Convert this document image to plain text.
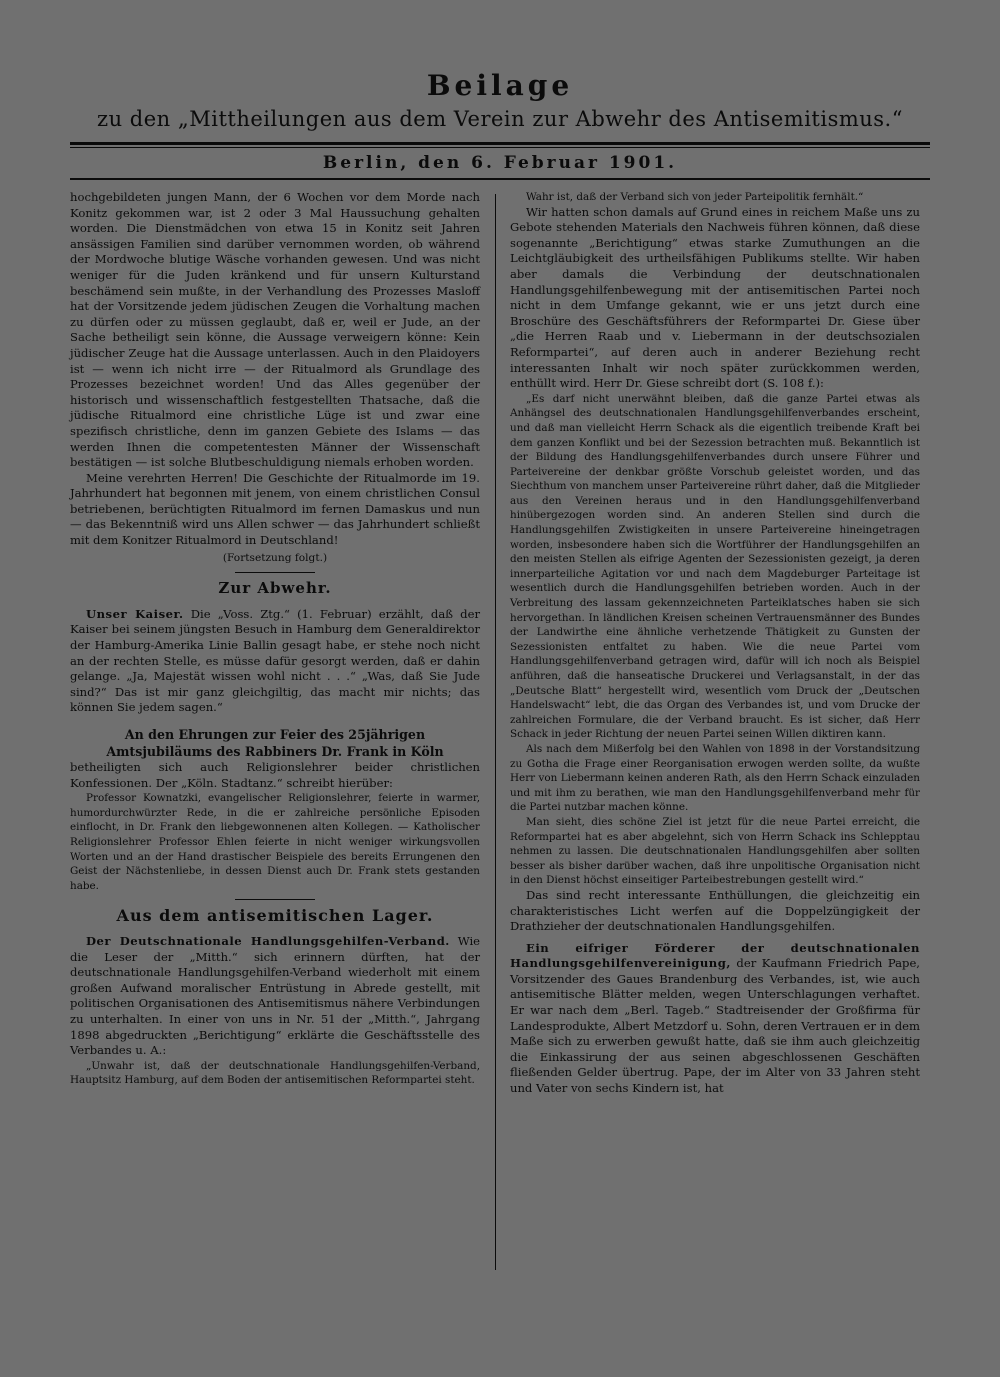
Beilage

zu den „Mittheilungen aus dem Verein zur Abwehr des Antisemitismus.“

Berlin, den 6. Februar 1901.

hochgebildeten jungen Mann, der 6 Wochen vor dem Morde nach Konitz gekommen war, ist 2 oder 3 Mal Haussuchung gehalten worden. Die Dienstmädchen von etwa 15 in Konitz seit Jahren ansässigen Familien sind darüber vernommen worden, ob während der Mordwoche blutige Wäsche vorhanden gewesen. Und was nicht weniger für die Juden kränkend und für unsern Kulturstand beschämend sein mußte, in der Verhandlung des Prozesses Masloff hat der Vorsitzende jedem jüdischen Zeugen die Vorhaltung machen zu dürfen oder zu müssen geglaubt, daß er, weil er Jude, an der Sache betheiligt sein könne, die Aussage verweigern könne: Kein jüdischer Zeuge hat die Aussage unterlassen. Auch in den Plaidoyers ist — wenn ich nicht irre — der Ritualmord als Grundlage des Prozesses bezeichnet worden! Und das Alles gegenüber der historisch und wissenschaftlich festgestellten Thatsache, daß die jüdische Ritualmord eine christliche Lüge ist und zwar eine spezifisch christliche, denn im ganzen Gebiete des Islams — das werden Ihnen die competentesten Männer der Wissenschaft bestätigen — ist solche Blutbeschuldigung niemals erhoben worden.

Meine verehrten Herren! Die Geschichte der Ritualmorde im 19. Jahrhundert hat begonnen mit jenem, von einem christlichen Consul betriebenen, berüchtigten Ritualmord im fernen Damaskus und nun — das Bekenntniß wird uns Allen schwer — das Jahrhundert schließt mit dem Konitzer Ritualmord in Deutschland!

(Fortsetzung folgt.)

Zur Abwehr.

Unser Kaiser. Die „Voss. Ztg.“ (1. Februar) erzählt, daß der Kaiser bei seinem jüngsten Besuch in Hamburg dem Generaldirektor der Hamburg-Amerika Linie Ballin gesagt habe, er stehe noch nicht an der rechten Stelle, es müsse dafür gesorgt werden, daß er dahin gelange. „Ja, Majestät wissen wohl nicht . . .“ „Was, daß Sie Jude sind?“ Das ist mir ganz gleichgiltig, das macht mir nichts; das können Sie jedem sagen.“

An den Ehrungen zur Feier des 25jährigen Amtsjubiläums des Rabbiners Dr. Frank in Köln

betheiligten sich auch Religionslehrer beider christlichen Konfessionen. Der „Köln. Stadtanz.“ schreibt hierüber:

Professor Kownatzki, evangelischer Religionslehrer, feierte in warmer, humordurchwürzter Rede, in die er zahlreiche persönliche Episoden einflocht, in Dr. Frank den liebgewonnenen alten Kollegen. — Katholischer Religionslehrer Professor Ehlen feierte in nicht weniger wirkungsvollen Worten und an der Hand drastischer Beispiele des bereits Errungenen den Geist der Nächstenliebe, in dessen Dienst auch Dr. Frank stets gestanden habe.

Aus dem antisemitischen Lager.

Der Deutschnationale Handlungsgehilfen-Verband. Wie die Leser der „Mitth.“ sich erinnern dürften, hat der deutschnationale Handlungsgehilfen-Verband wiederholt mit einem großen Aufwand moralischer Entrüstung in Abrede gestellt, mit politischen Organisationen des Antisemitismus nähere Verbindungen zu unterhalten. In einer von uns in Nr. 51 der „Mitth.“, Jahrgang 1898 abgedruckten „Berichtigung“ erklärte die Geschäftsstelle des Verbandes u. A.:

„Unwahr ist, daß der deutschnationale Handlungsgehilfen-Verband, Hauptsitz Hamburg, auf dem Boden der antisemitischen Reformpartei steht.

Wahr ist, daß der Verband sich von jeder Parteipolitik fernhält.“

Wir hatten schon damals auf Grund eines in reichem Maße uns zu Gebote stehenden Materials den Nachweis führen können, daß diese sogenannte „Berichtigung“ etwas starke Zumuthungen an die Leichtgläubigkeit des urtheilsfähigen Publikums stellte. Wir haben aber damals die Verbindung der deutschnationalen Handlungsgehilfenbewegung mit der antisemitischen Partei noch nicht in dem Umfange gekannt, wie er uns jetzt durch eine Broschüre des Geschäftsführers der Reformpartei Dr. Giese über „die Herren Raab und v. Liebermann in der deutschsozialen Reformpartei“, auf deren auch in anderer Beziehung recht interessanten Inhalt wir noch später zurückkommen werden, enthüllt wird. Herr Dr. Giese schreibt dort (S. 108 f.):

„Es darf nicht unerwähnt bleiben, daß die ganze Partei etwas als Anhängsel des deutschnationalen Handlungsgehilfenverbandes erscheint, und daß man vielleicht Herrn Schack als die eigentlich treibende Kraft bei dem ganzen Konflikt und bei der Sezession betrachten muß. Bekanntlich ist der Bildung des Handlungsgehilfenverbandes durch unsere Führer und Parteivereine der denkbar größte Vorschub geleistet worden, und das Siechthum von manchem unser Parteivereine rührt daher, daß die Mitglieder aus den Vereinen heraus und in den Handlungsgehilfenverband hinübergezogen worden sind. An anderen Stellen sind durch die Handlungsgehilfen Zwistigkeiten in unsere Parteivereine hineingetragen worden, insbesondere haben sich die Wortführer der Handlungsgehilfen an den meisten Stellen als eifrige Agenten der Sezessionisten gezeigt, ja deren innerparteiliche Agitation vor und nach dem Magdeburger Parteitage ist wesentlich durch die Handlungsgehilfen betrieben worden. Auch in der Verbreitung des lassam gekennzeichneten Parteiklatsches haben sie sich hervorgethan. In ländlichen Kreisen scheinen Vertrauensmänner des Bundes der Landwirthe eine ähnliche verhetzende Thätigkeit zu Gunsten der Sezessionisten entfaltet zu haben. Wie die neue Partei vom Handlungsgehilfenverband getragen wird, dafür will ich noch als Beispiel anführen, daß die hanseatische Druckerei und Verlagsanstalt, in der das „Deutsche Blatt“ hergestellt wird, wesentlich vom Druck der „Deutschen Handelswacht“ lebt, die das Organ des Verbandes ist, und vom Drucke der zahlreichen Formulare, die der Verband braucht. Es ist sicher, daß Herr Schack in jeder Richtung der neuen Partei seinen Willen diktiren kann.

Als nach dem Mißerfolg bei den Wahlen von 1898 in der Vorstandsitzung zu Gotha die Frage einer Reorganisation erwogen werden sollte, da wußte Herr von Liebermann keinen anderen Rath, als den Herrn Schack einzuladen und mit ihm zu berathen, wie man den Handlungsgehilfenverband mehr für die Partei nutzbar machen könne.

Man sieht, dies schöne Ziel ist jetzt für die neue Partei erreicht, die Reformpartei hat es aber abgelehnt, sich von Herrn Schack ins Schlepptau nehmen zu lassen. Die deutschnationalen Handlungsgehilfen aber sollten besser als bisher darüber wachen, daß ihre unpolitische Organisation nicht in den Dienst höchst einseitiger Parteibestrebungen gestellt wird.“

Das sind recht interessante Enthüllungen, die gleichzeitig ein charakteristisches Licht werfen auf die Doppelzüngigkeit der Drathzieher der deutschnationalen Handlungsgehilfen.

Ein eifriger Förderer der deutschnationalen Handlungsgehilfenvereinigung, der Kaufmann Friedrich Pape, Vorsitzender des Gaues Brandenburg des Verbandes, ist, wie auch antisemitische Blätter melden, wegen Unterschlagungen verhaftet. Er war nach dem „Berl. Tageb.“ Stadtreisender der Großfirma für Landesprodukte, Albert Metzdorf u. Sohn, deren Vertrauen er in dem Maße sich zu erwerben gewußt hatte, daß sie ihm auch gleichzeitig die Einkassirung der aus seinen abgeschlossenen Geschäften fließenden Gelder übertrug. Pape, der im Alter von 33 Jahren steht und Vater von sechs Kindern ist, hat
